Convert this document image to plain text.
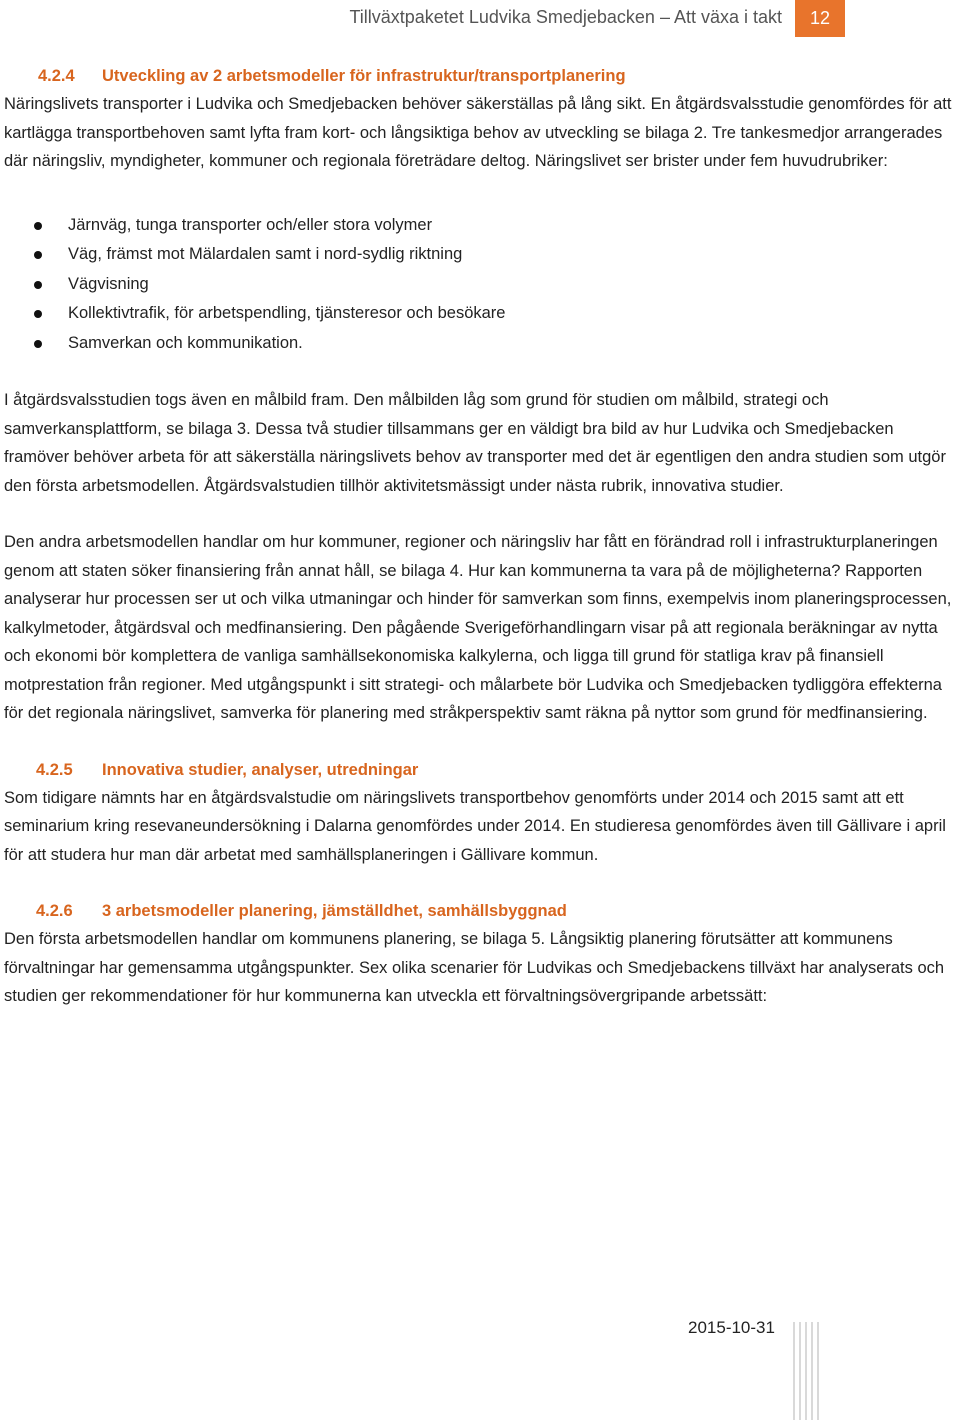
Tillväxtpaketet Ludvika Smedjebacken – Att växa i takt	12
4.2.4	Utveckling av 2 arbetsmodeller för infrastruktur/transportplanering

Näringslivets transporter i Ludvika och Smedjebacken behöver säkerställas på lång sikt. En åtgärdsvalsstudie genomfördes för att kartlägga transportbehoven samt lyfta fram kort- och långsiktiga behov av utveckling se bilaga 2. Tre tankesmedjor arrangerades där näringsliv, myndigheter, kommuner och regionala företrädare deltog. Näringslivet ser brister under fem huvudrubriker:

Järnväg, tunga transporter och/eller stora volymer
Väg, främst mot Mälardalen samt i nord-sydlig riktning
Vägvisning
Kollektivtrafik, för arbetspendling, tjänsteresor och besökare
Samverkan och kommunikation.

I åtgärdsvalsstudien togs även en målbild fram. Den målbilden låg som grund för studien om målbild, strategi och samverkansplattform, se bilaga 3. Dessa två studier tillsammans ger en väldigt bra bild av hur Ludvika och Smedjebacken framöver behöver arbeta för att säkerställa näringslivets behov av transporter med det är egentligen den andra studien som utgör den första arbetsmodellen. Åtgärdsvalstudien tillhör aktivitetsmässigt under nästa rubrik, innovativa studier.

Den andra arbetsmodellen handlar om hur kommuner, regioner och näringsliv har fått en förändrad roll i infrastrukturplaneringen genom att staten söker finansiering från annat håll, se bilaga 4. Hur kan kommunerna ta vara på de möjligheterna? Rapporten analyserar hur processen ser ut och vilka utmaningar och hinder för samverkan som finns, exempelvis inom planeringsprocessen, kalkylmetoder, åtgärdsval och medfinansiering. Den pågående Sverigeförhandlingarn visar på att regionala beräkningar av nytta och ekonomi bör komplettera de vanliga samhällsekonomiska kalkylerna, och ligga till grund för statliga krav på finansiell motprestation från regioner. Med utgångspunkt i sitt strategi- och målarbete bör Ludvika och Smedjebacken tydliggöra effekterna för det regionala näringslivet, samverka för planering med stråkperspektiv samt räkna på nyttor som grund för medfinansiering.

4.2.5	Innovativa studier, analyser, utredningar

Som tidigare nämnts har en åtgärdsvalstudie om näringslivets transportbehov genomförts under 2014 och 2015 samt att ett seminarium kring resevaneundersökning i Dalarna genomfördes under 2014. En studieresa genomfördes även till Gällivare i april för att studera hur man där arbetat med samhällsplaneringen i Gällivare kommun.

4.2.6	3 arbetsmodeller planering, jämställdhet, samhällsbyggnad

Den första arbetsmodellen handlar om kommunens planering, se bilaga 5. Långsiktig planering förutsätter att kommunens förvaltningar har gemensamma utgångspunkter. Sex olika scenarier för Ludvikas och Smedjebackens tillväxt har analyserats och studien ger rekommendationer för hur kommunerna kan utveckla ett förvaltningsövergripande arbetssätt:

2015-10-31
